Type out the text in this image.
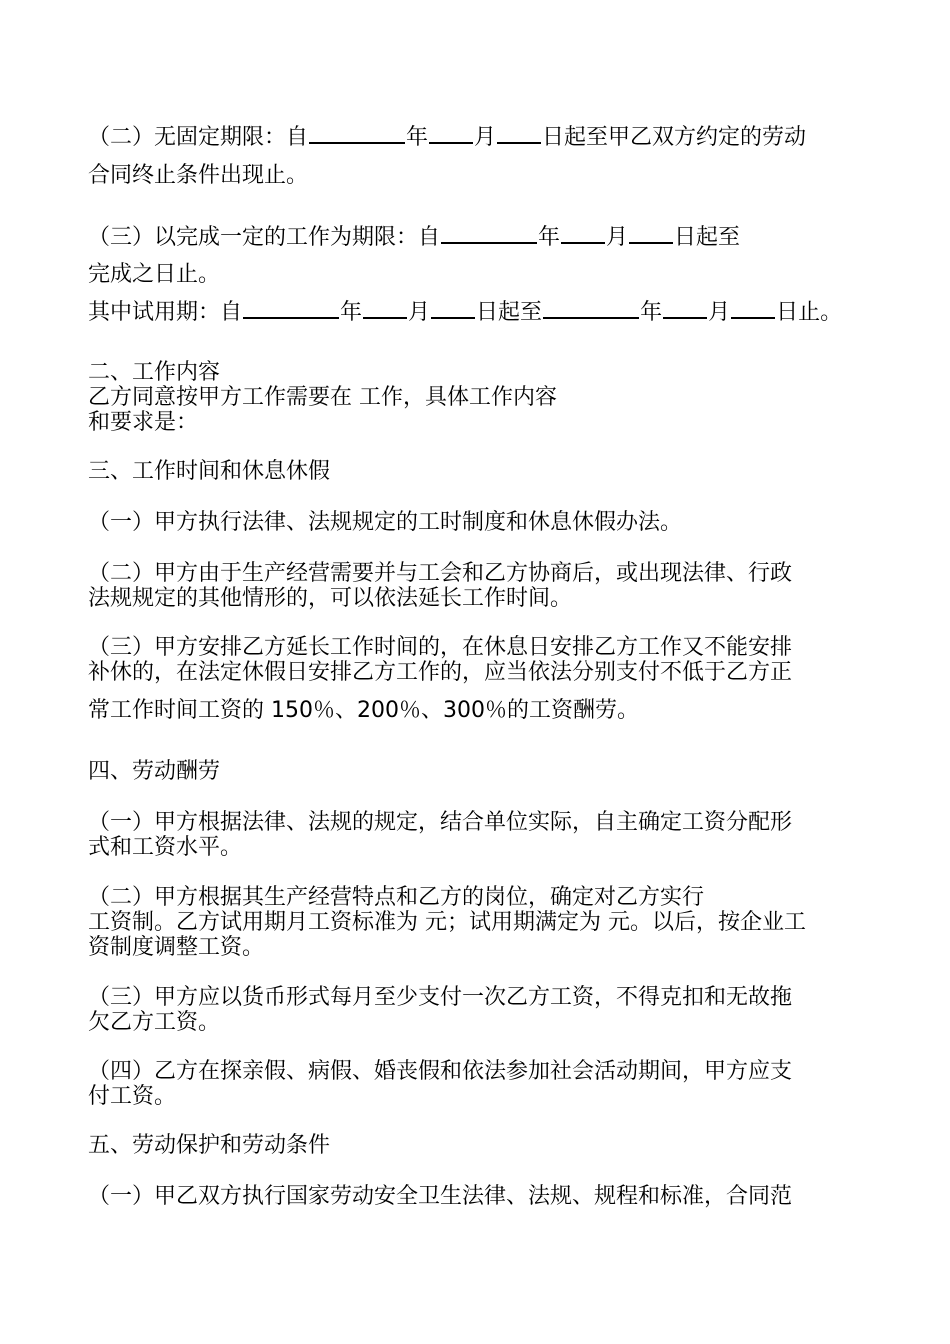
（二）无固定期限：自	年 月 日起至甲乙双方约定的劳动
合同终止条件出现止。
（三）以完成一定的工作为期限：自	年 月 日起至
完成之日止。
其中试用期：自	年 月 日起至	年 月 日止。
二、工作内容
乙方同意按甲方工作需要在 工作，具体工作内容
和要求是：
三、工作时间和休息休假
（一）甲方执行法律、法规规定的工时制度和休息休假办法。
（二）甲方由于生产经营需要并与工会和乙方协商后，或出现法律、行政
法规规定的其他情形的，可以依法延长工作时间。
（三）甲方安排乙方延长工作时间的，在休息日安排乙方工作又不能安排
补休的，在法定休假日安排乙方工作的，应当依法分别支付不低于乙方正
常工作时间工资的 150％、200％、300％的工资酬劳。
四、劳动酬劳
（一）甲方根据法律、法规的规定，结合单位实际，自主确定工资分配形
式和工资水平。
（二）甲方根据其生产经营特点和乙方的岗位，确定对乙方实行
工资制。乙方试用期月工资标准为 元；试用期满定为 元。以后，按企业工
资制度调整工资。
（三）甲方应以货币形式每月至少支付一次乙方工资，不得克扣和无故拖
欠乙方工资。
（四）乙方在探亲假、病假、婚丧假和依法参加社会活动期间，甲方应支
付工资。
五、劳动保护和劳动条件
（一）甲乙双方执行国家劳动安全卫生法律、法规、规程和标准，合同范
